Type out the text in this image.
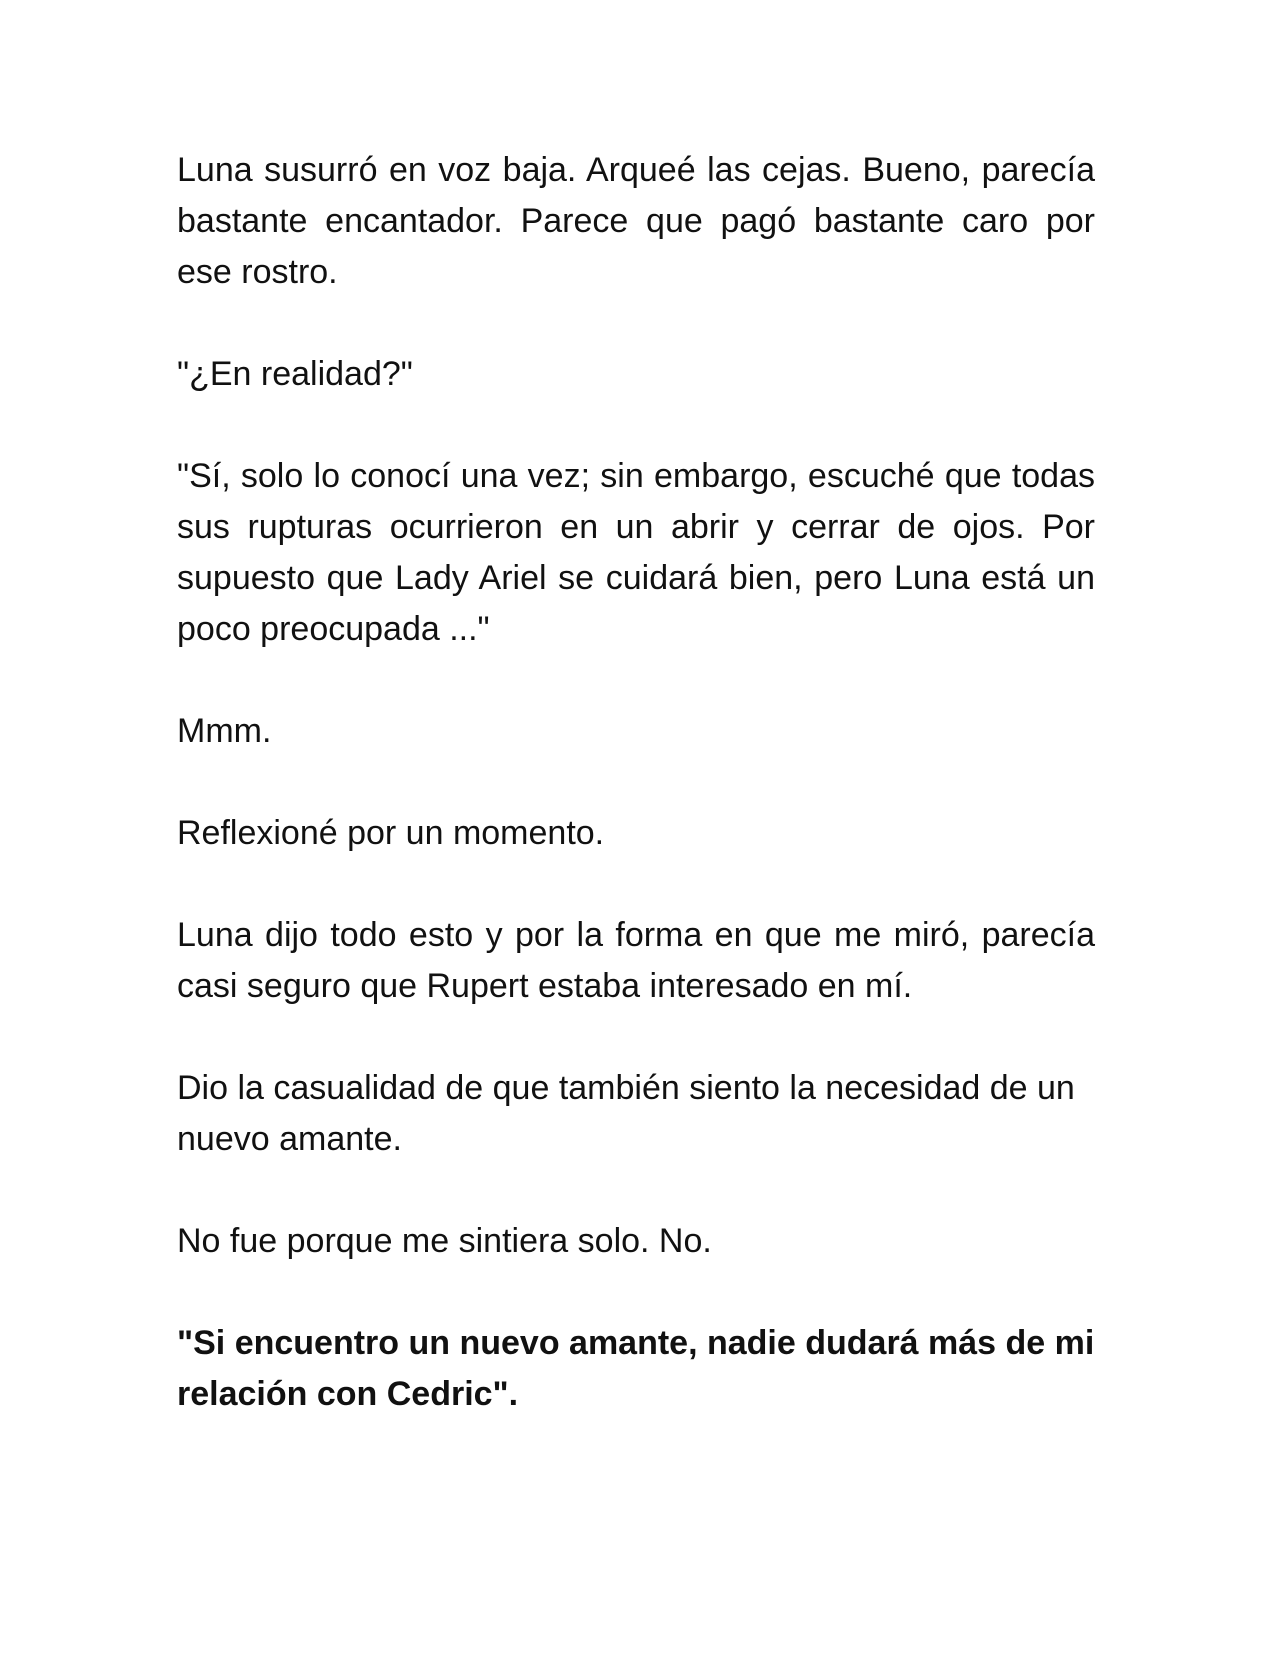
Luna susurró en voz baja. Arqueé las cejas. Bueno, parecía bastante encantador. Parece que pagó bastante caro por ese rostro.

"¿En realidad?"

"Sí, solo lo conocí una vez; sin embargo, escuché que todas sus rupturas ocurrieron en un abrir y cerrar de ojos. Por supuesto que Lady Ariel se cuidará bien, pero Luna está un poco preocupada ..."

Mmm.

Reflexioné por un momento.

Luna dijo todo esto y por la forma en que me miró, parecía casi seguro que Rupert estaba interesado en mí.

Dio la casualidad de que también siento la necesidad de un nuevo amante.

No fue porque me sintiera solo. No.

"Si encuentro un nuevo amante, nadie dudará más de mi relación con Cedric".
